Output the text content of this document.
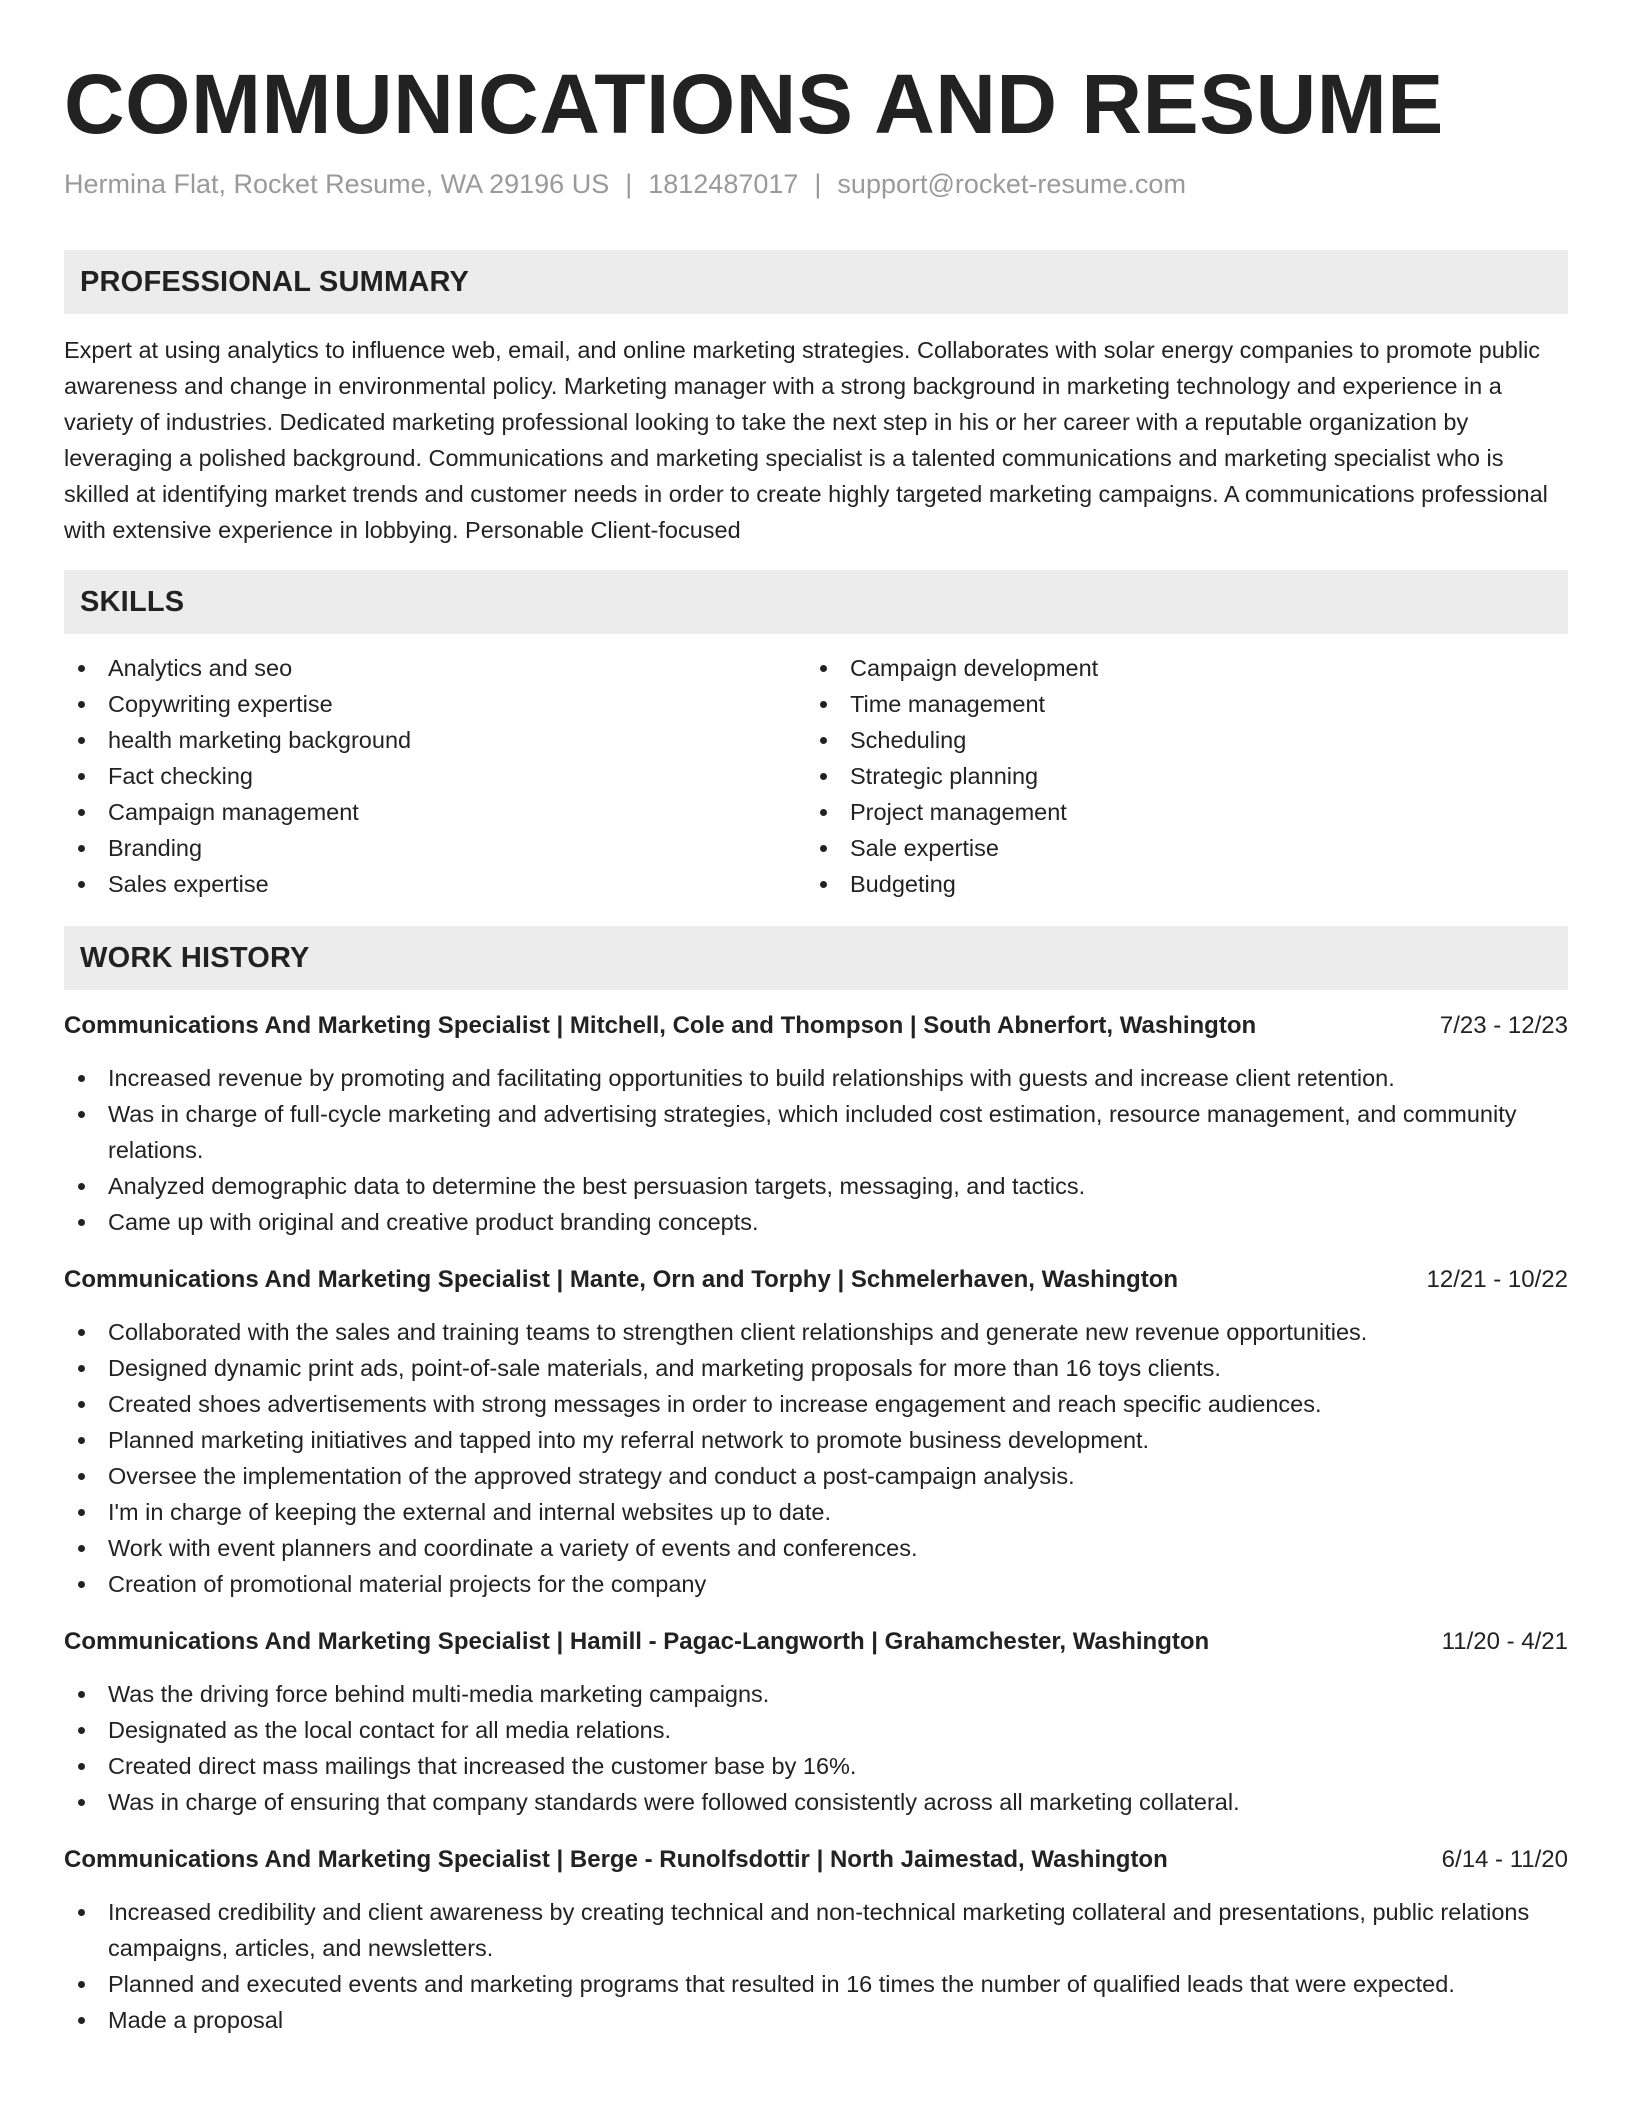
COMMUNICATIONS AND RESUME
Hermina Flat, Rocket Resume, WA 29196 US | 1812487017 | support@rocket-resume.com
PROFESSIONAL SUMMARY
Expert at using analytics to influence web, email, and online marketing strategies. Collaborates with solar energy companies to promote public awareness and change in environmental policy. Marketing manager with a strong background in marketing technology and experience in a variety of industries. Dedicated marketing professional looking to take the next step in his or her career with a reputable organization by leveraging a polished background. Communications and marketing specialist is a talented communications and marketing specialist who is skilled at identifying market trends and customer needs in order to create highly targeted marketing campaigns. A communications professional with extensive experience in lobbying. Personable Client-focused
SKILLS
Analytics and seo
Copywriting expertise
health marketing background
Fact checking
Campaign management
Branding
Sales expertise
Campaign development
Time management
Scheduling
Strategic planning
Project management
Sale expertise
Budgeting
WORK HISTORY
Communications And Marketing Specialist | Mitchell, Cole and Thompson | South Abnerfort, Washington	7/23 - 12/23
Increased revenue by promoting and facilitating opportunities to build relationships with guests and increase client retention.
Was in charge of full-cycle marketing and advertising strategies, which included cost estimation, resource management, and community relations.
Analyzed demographic data to determine the best persuasion targets, messaging, and tactics.
Came up with original and creative product branding concepts.
Communications And Marketing Specialist | Mante, Orn and Torphy | Schmelerhaven, Washington	12/21 - 10/22
Collaborated with the sales and training teams to strengthen client relationships and generate new revenue opportunities.
Designed dynamic print ads, point-of-sale materials, and marketing proposals for more than 16 toys clients.
Created shoes advertisements with strong messages in order to increase engagement and reach specific audiences.
Planned marketing initiatives and tapped into my referral network to promote business development.
Oversee the implementation of the approved strategy and conduct a post-campaign analysis.
I'm in charge of keeping the external and internal websites up to date.
Work with event planners and coordinate a variety of events and conferences.
Creation of promotional material projects for the company
Communications And Marketing Specialist | Hamill - Pagac-Langworth | Grahamchester, Washington	11/20 - 4/21
Was the driving force behind multi-media marketing campaigns.
Designated as the local contact for all media relations.
Created direct mass mailings that increased the customer base by 16%.
Was in charge of ensuring that company standards were followed consistently across all marketing collateral.
Communications And Marketing Specialist | Berge - Runolfsdottir | North Jaimestad, Washington	6/14 - 11/20
Increased credibility and client awareness by creating technical and non-technical marketing collateral and presentations, public relations campaigns, articles, and newsletters.
Planned and executed events and marketing programs that resulted in 16 times the number of qualified leads that were expected.
Made a proposal
